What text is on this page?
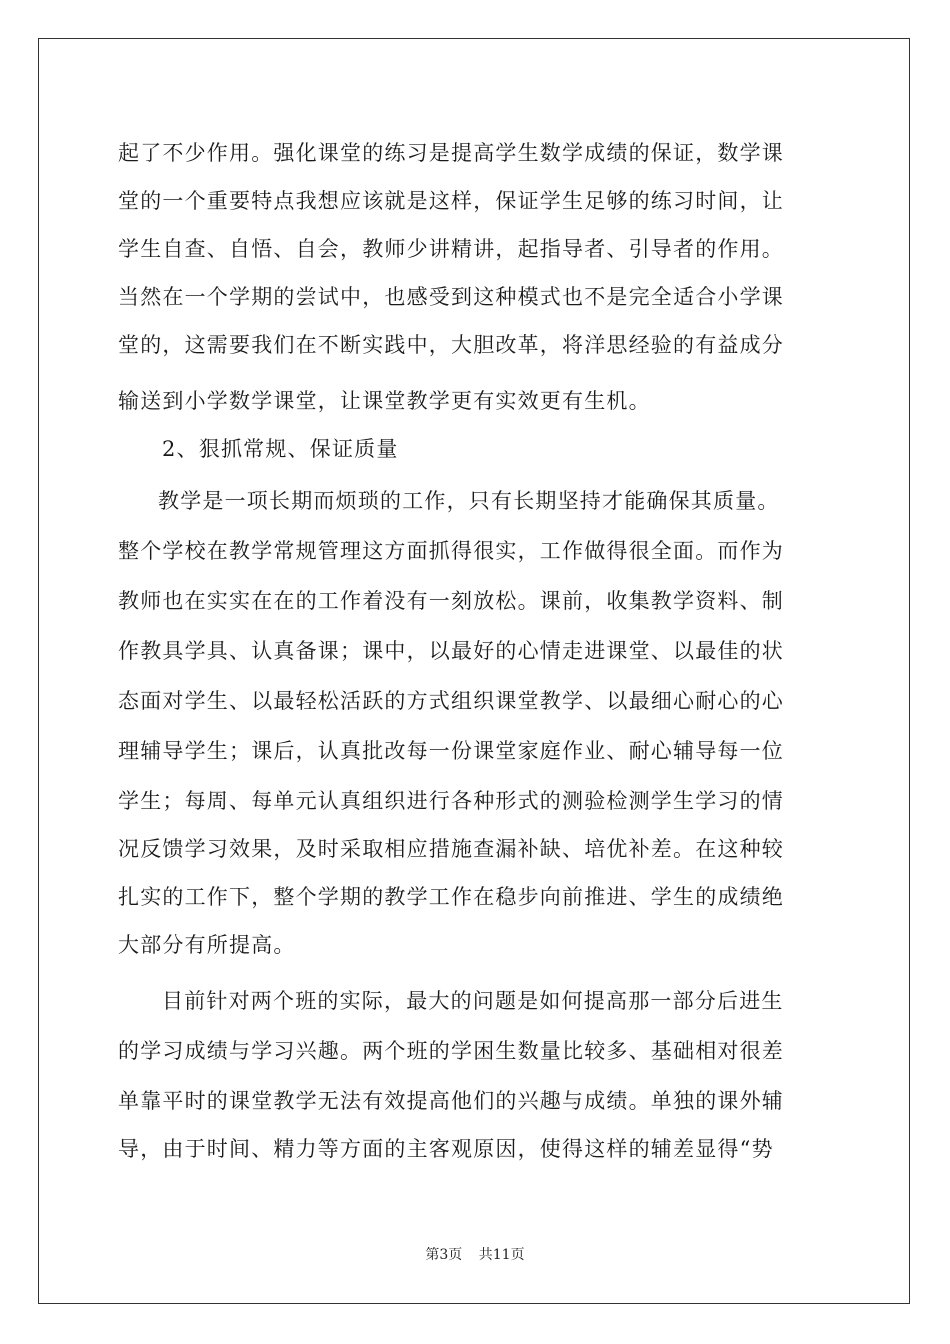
起了不少作用。强化课堂的练习是提高学生数学成绩的保证，数学课
堂的一个重要特点我想应该就是这样，保证学生足够的练习时间，让
学生自查、自悟、自会，教师少讲精讲，起指导者、引导者的作用。
当然在一个学期的尝试中，也感受到这种模式也不是完全适合小学课
堂的，这需要我们在不断实践中，大胆改革，将洋思经验的有益成分
输送到小学数学课堂，让课堂教学更有实效更有生机。
2、狠抓常规、保证质量
教学是一项长期而烦琐的工作，只有长期坚持才能确保其质量。
整个学校在教学常规管理这方面抓得很实，工作做得很全面。而作为
教师也在实实在在的工作着没有一刻放松。课前，收集教学资料、制
作教具学具、认真备课；课中，以最好的心情走进课堂、以最佳的状
态面对学生、以最轻松活跃的方式组织课堂教学、以最细心耐心的心
理辅导学生；课后，认真批改每一份课堂家庭作业、耐心辅导每一位
学生；每周、每单元认真组织进行各种形式的测验检测学生学习的情
况反馈学习效果，及时采取相应措施查漏补缺、培优补差。在这种较
扎实的工作下，整个学期的教学工作在稳步向前推进、学生的成绩绝
大部分有所提高。
目前针对两个班的实际，最大的问题是如何提高那一部分后进生
的学习成绩与学习兴趣。两个班的学困生数量比较多、基础相对很差
单靠平时的课堂教学无法有效提高他们的兴趣与成绩。单独的课外辅
导，由于时间、精力等方面的主客观原因，使得这样的辅差显得“势
第3页 共11页
